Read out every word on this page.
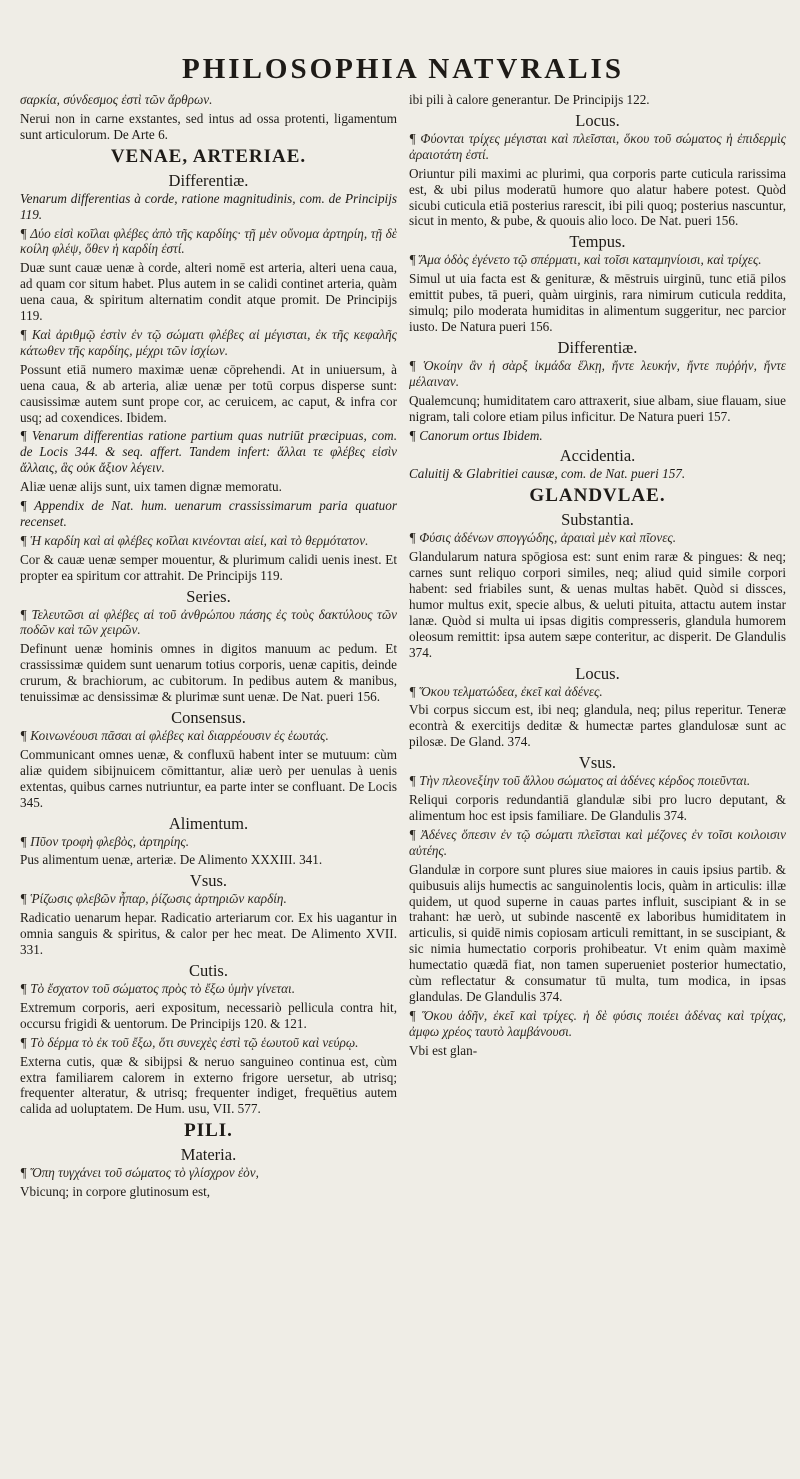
PHILOSOPHIA NATVRALIS

σαρκία, σύνδεσμος ἐστὶ τῶν ἄρθρων.

Nerui non in carne exstantes, sed intus ad ossa protenti, ligamentum sunt articulorum. De Arte 6.

VENAE, ARTERIAE.
Differentiæ.

Venarum differentias à corde, ratione magnitudinis, com. de Principijs 119.

¶ Δύο εἰσὶ κοῖλαι φλέβες ἀπὸ τῆς καρδίης· τῇ μὲν οὔνομα ἀρτηρίη, τῇ δὲ κοίλη φλέψ, ὅθεν ἡ καρδίη ἐστί.

Duæ sunt cauæ uenæ à corde, alteri nomē est arteria, alteri uena caua, ad quam cor situm habet. Plus autem in se calidi continet arteria, quàm uena caua, & spiritum alternatim condit atque promit. De Principijs 119.

¶ Καὶ ἀριθμῷ ἐστὶν ἐν τῷ σώματι φλέβες αἱ μέγισται, ἐκ τῆς κεφαλῆς κάτωθεν τῆς καρδίης, μέχρι τῶν ἰσχίων.

Possunt etiā numero maximæ uenæ cōprehendi. At in uniuersum, à uena caua, & ab arteria, aliæ uenæ per totū corpus disperse sunt: causissimæ autem sunt prope cor, ac ceruicem, ac caput, & infra cor usq; ad coxendices. Ibidem.

¶ Venarum differentias ratione partium quas nutriūt præcipuas, com. de Locis 344. & seq. affert. Tandem infert: ἄλλαι τε φλέβες εἰσὶν ἄλλαις, ἃς οὐκ ἄξιον λέγειν.

Aliæ uenæ alijs sunt, uix tamen dignæ memoratu.

¶ Appendix de Nat. hum. uenarum crassissimarum paria quatuor recenset.

¶ Ἡ καρδίη καὶ αἱ φλέβες κοῖλαι κινέονται αἰεί, καὶ τὸ θερμότατον.

Cor & cauæ uenæ semper mouentur, & plurimum calidi uenis inest. Et propter ea spiritum cor attrahit. De Principijs 119.

Series.

¶ Τελευτῶσι αἱ φλέβες αἱ τοῦ ἀνθρώπου πάσης ἐς τοὺς δακτύλους τῶν ποδῶν καὶ τῶν χειρῶν.

Definunt uenæ hominis omnes in digitos manuum ac pedum. Et crassissimæ quidem sunt uenarum totius corporis, uenæ capitis, deinde crurum, & brachiorum, ac cubitorum. In pedibus autem & manibus, tenuissimæ ac densissimæ & plurimæ sunt uenæ. De Nat. pueri 156.

Consensus.

¶ Κοινωνέουσι πᾶσαι αἱ φλέβες καὶ διαρρέουσιν ἐς ἑωυτάς.

Communicant omnes uenæ, & confluxū habent inter se mutuum: cùm aliæ quidem sibijnuicem cōmittantur, aliæ uerò per uenulas à uenis extentas, quibus carnes nutriuntur, ea parte inter se confluant. De Locis 345.

Alimentum.

¶ Πῦον τροφὴ φλεβὸς, ἀρτηρίης.

Pus alimentum uenæ, arteriæ. De Alimento XXXIII. 341.

Vsus.

¶ Ῥίζωσις φλεβῶν ἧπαρ, ῥίζωσις ἀρτηριῶν καρδίη.

Radicatio uenarum hepar. Radicatio arteriarum cor. Ex his uagantur in omnia sanguis & spiritus, & calor per hec meat. De Alimento XVII. 331.

Cutis.

¶ Τὸ ἔσχατον τοῦ σώματος πρὸς τὸ ἔξω ὑμὴν γίνεται.

Extremum corporis, aeri expositum, necessariò pellicula contra hit, occursu frigidi & uentorum. De Principijs 120. & 121.

¶ Τὸ δέρμα τὸ ἐκ τοῦ ἔξω, ὅτι συνεχὲς ἐστὶ τῷ ἑωυτοῦ καὶ νεύρῳ.

Externa cutis, quæ & sibijpsi & neruo sanguineo continua est, cùm extra familiarem calorem in externo frigore uersetur, ab utrisq; frequenter alteratur, & utrisq; frequenter indiget, frequētius autem calida ad uoluptatem. De Hum. usu, VII. 577.

PILI.
Materia.

¶ Ὅπη τυγχάνει τοῦ σώματος τὸ γλίσχρον ἐὸν,

Vbicunq; in corpore glutinosum est,

ibi pili à calore generantur. De Principijs 122.

Locus.

¶ Φύονται τρίχες μέγισται καὶ πλεῖσται, ὅκου τοῦ σώματος ἡ ἐπιδερμὶς ἀραιοτάτη ἐστί.

Oriuntur pili maximi ac plurimi, qua corporis parte cuticula rarissima est, & ubi pilus moderatū humore quo alatur habere potest. Quòd sicubi cuticula etiā posterius rarescit, ibi pili quoq; posterius nascuntur, sicut in mento, & pube, & quouis alio loco. De Nat. pueri 156.

Tempus.

¶ Ἅμα ὁδὸς ἐγένετο τῷ σπέρματι, καὶ τοῖσι καταμηνίοισι, καὶ τρίχες.

Simul ut uia facta est & genituræ, & mēstruis uirginū, tunc etiā pilos emittit pubes, tā pueri, quàm uirginis, rara nimirum cuticula reddita, simulq; pilo moderata humiditas in alimentum suggeritur, nec parcior iusto. De Natura pueri 156.

Differentiæ.

¶ Ὁκοίην ἂν ἡ σὰρξ ἰκμάδα ἕλκῃ, ἤντε λευκήν, ἤντε πυῤῥήν, ἤντε μέλαιναν.

Qualemcunq; humiditatem caro attraxerit, siue albam, siue flauam, siue nigram, tali colore etiam pilus inficitur. De Natura pueri 157.

¶ Canorum ortus Ibidem.

Accidentia.

Caluitij & Glabritiei causæ, com. de Nat. pueri 157.

GLANDVLAE.
Substantia.

¶ Φύσις ἀδένων σπογγώδης, ἀραιαὶ μὲν καὶ πῖονες.

Glandularum natura spōgiosa est: sunt enim raræ & pingues: & neq; carnes sunt reliquo corpori similes, neq; aliud quid simile corpori habent: sed friabiles sunt, & uenas multas habēt. Quòd si dissces, humor multus exit, specie albus, & ueluti pituita, attactu autem instar lanæ. Quòd si multa ui ipsas digitis compresseris, glandula humorem oleosum remittit: ipsa autem sæpe conteritur, ac disperit. De Glandulis 374.

Locus.

¶ Ὅκου τελματώδεα, ἐκεῖ καὶ ἀδένες.

Vbi corpus siccum est, ibi neq; glandula, neq; pilus reperitur. Teneræ econtrà & exercitijs deditæ & humectæ partes glandulosæ sunt ac pilosæ. De Gland. 374.

Vsus.

¶ Τὴν πλεονεξίην τοῦ ἄλλου σώματος αἱ ἀδένες κέρδος ποιεῦνται.

Reliqui corporis redundantiā glandulæ sibi pro lucro deputant, & alimentum hoc est ipsis familiare. De Glandulis 374.

¶ Ἀδένες ὅπεσιν ἐν τῷ σώματι πλεῖσται καὶ μέζονες ἐν τοῖσι κοιλοισιν αὐτέης.

Glandulæ in corpore sunt plures siue maiores in cauis ipsius partib. & quibusuis alijs humectis ac sanguinolentis locis, quàm in articulis: illæ quidem, ut quod superne in cauas partes influit, suscipiant & in se trahant: hæ uerò, ut subinde nascentē ex laboribus humiditatem in articulis, si quidē nimis copiosam articuli remittant, in se suscipiant, & sic nimia humectatio corporis prohibeatur. Vt enim quàm maximè humectatio quædā fiat, non tamen superueniet posterior humectatio, cùm reflectatur & consumatur tū multa, tum modica, in ipsas glandulas. De Glandulis 374.

¶ Ὅκου ἀδῆν, ἐκεῖ καὶ τρίχες. ἡ δὲ φύσις ποιέει ἀδένας καὶ τρίχας, ἀμφω χρέος ταυτὸ λαμβάνουσι.

Vbi est glan-
